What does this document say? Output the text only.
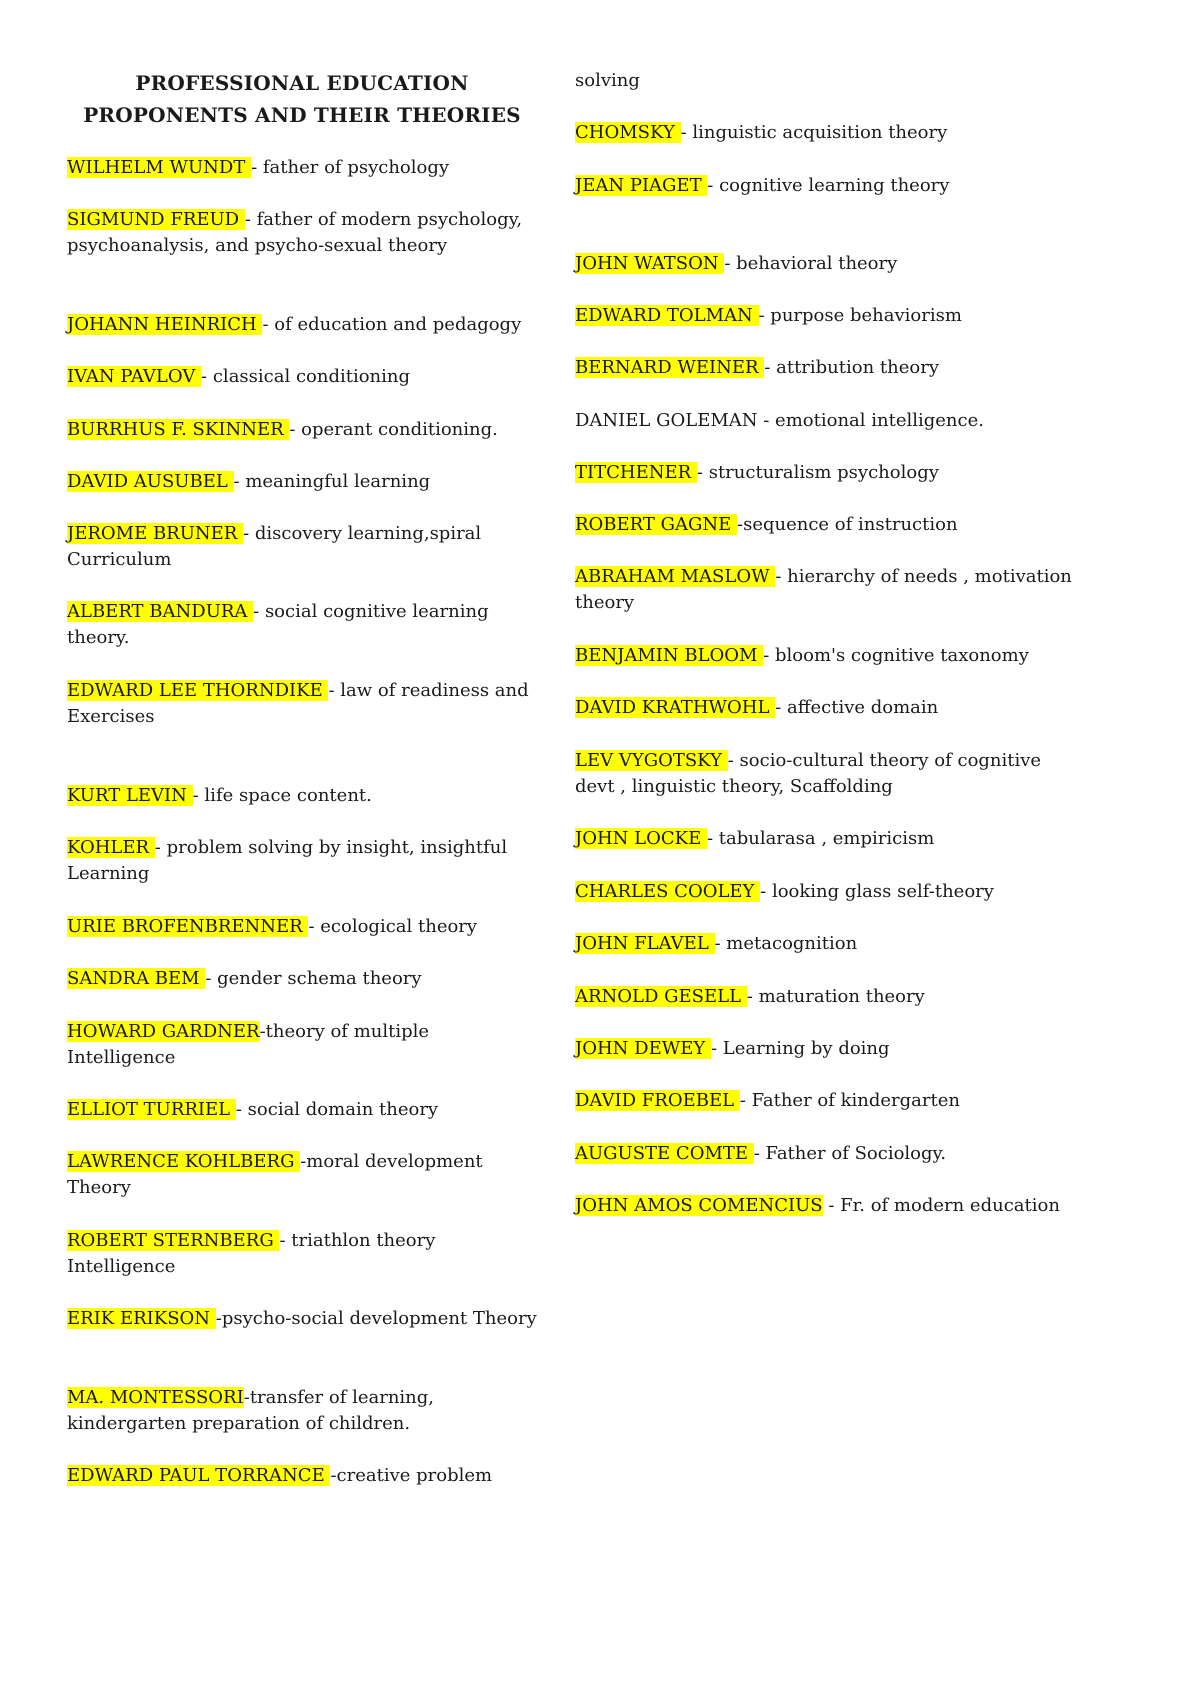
PROFESSIONAL EDUCATION
PROPONENTS AND THEIR THEORIES
WILHELM WUNDT - father of psychology
SIGMUND FREUD - father of modern psychology, psychoanalysis, and psycho-sexual theory
JOHANN HEINRICH - of education and pedagogy
IVAN PAVLOV - classical conditioning
BURRHUS F. SKINNER - operant conditioning.
DAVID AUSUBEL - meaningful learning
JEROME BRUNER - discovery learning,spiral Curriculum
ALBERT BANDURA - social cognitive learning theory.
EDWARD LEE THORNDIKE - law of readiness and Exercises
KURT LEVIN - life space content.
KOHLER - problem solving by insight, insightful Learning
URIE BROFENBRENNER - ecological theory
SANDRA BEM - gender schema theory
HOWARD GARDNER-theory of multiple Intelligence
ELLIOT TURRIEL - social domain theory
LAWRENCE KOHLBERG -moral development Theory
ROBERT STERNBERG - triathlon theory Intelligence
ERIK ERIKSON -psycho-social development Theory
MA. MONTESSORI-transfer of learning, kindergarten preparation of children.
EDWARD PAUL TORRANCE -creative problem
solving
CHOMSKY - linguistic acquisition theory
JEAN PIAGET - cognitive learning theory
JOHN WATSON - behavioral theory
EDWARD TOLMAN - purpose behaviorism
BERNARD WEINER - attribution theory
DANIEL GOLEMAN - emotional intelligence.
TITCHENER - structuralism psychology
ROBERT GAGNE -sequence of instruction
ABRAHAM MASLOW - hierarchy of needs , motivation theory
BENJAMIN BLOOM - bloom's cognitive taxonomy
DAVID KRATHWOHL - affective domain
LEV VYGOTSKY - socio-cultural theory of cognitive devt , linguistic theory, Scaffolding
JOHN LOCKE - tabularasa , empiricism
CHARLES COOLEY - looking glass self-theory
JOHN FLAVEL - metacognition
ARNOLD GESELL - maturation theory
JOHN DEWEY - Learning by doing
DAVID FROEBEL - Father of kindergarten
AUGUSTE COMTE - Father of Sociology.
JOHN AMOS COMENCIUS - Fr. of modern education
